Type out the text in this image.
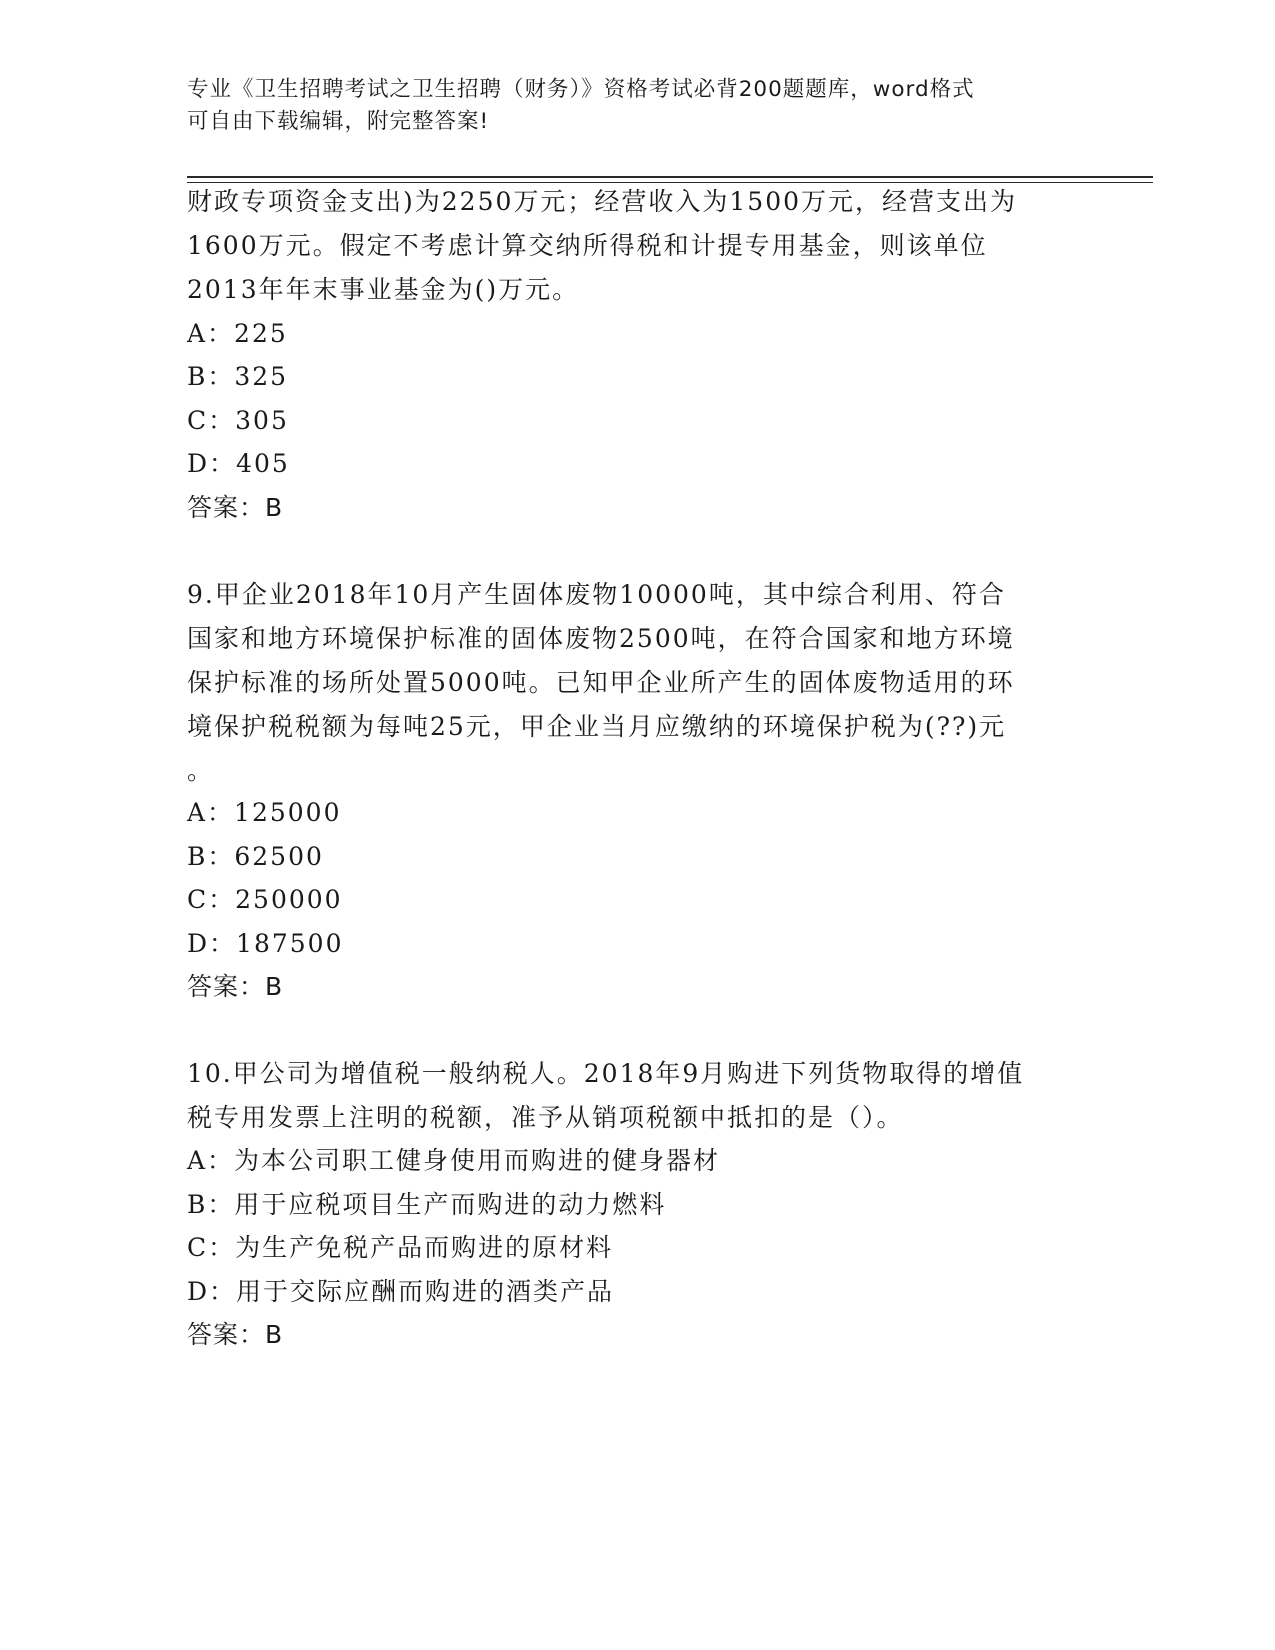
专业《卫生招聘考试之卫生招聘（财务）》资格考试必背200题题库，word格式
可自由下载编辑，附完整答案!
财政专项资金支出)为2250万元；经营收入为1500万元，经营支出为
1600万元。假定不考虑计算交纳所得税和计提专用基金，则该单位
2013年年末事业基金为()万元。
A：225
B：325
C：305
D：405
答案：B
9.甲企业2018年10月产生固体废物10000吨，其中综合利用、符合
国家和地方环境保护标准的固体废物2500吨，在符合国家和地方环境
保护标准的场所处置5000吨。已知甲企业所产生的固体废物适用的环
境保护税税额为每吨25元，甲企业当月应缴纳的环境保护税为(??)元
。
A：125000
B：62500
C：250000
D：187500
答案：B
10.甲公司为增值税一般纳税人。2018年9月购进下列货物取得的增值
税专用发票上注明的税额，准予从销项税额中抵扣的是（）。
A：为本公司职工健身使用而购进的健身器材
B：用于应税项目生产而购进的动力燃料
C：为生产免税产品而购进的原材料
D：用于交际应酬而购进的酒类产品
答案：B
